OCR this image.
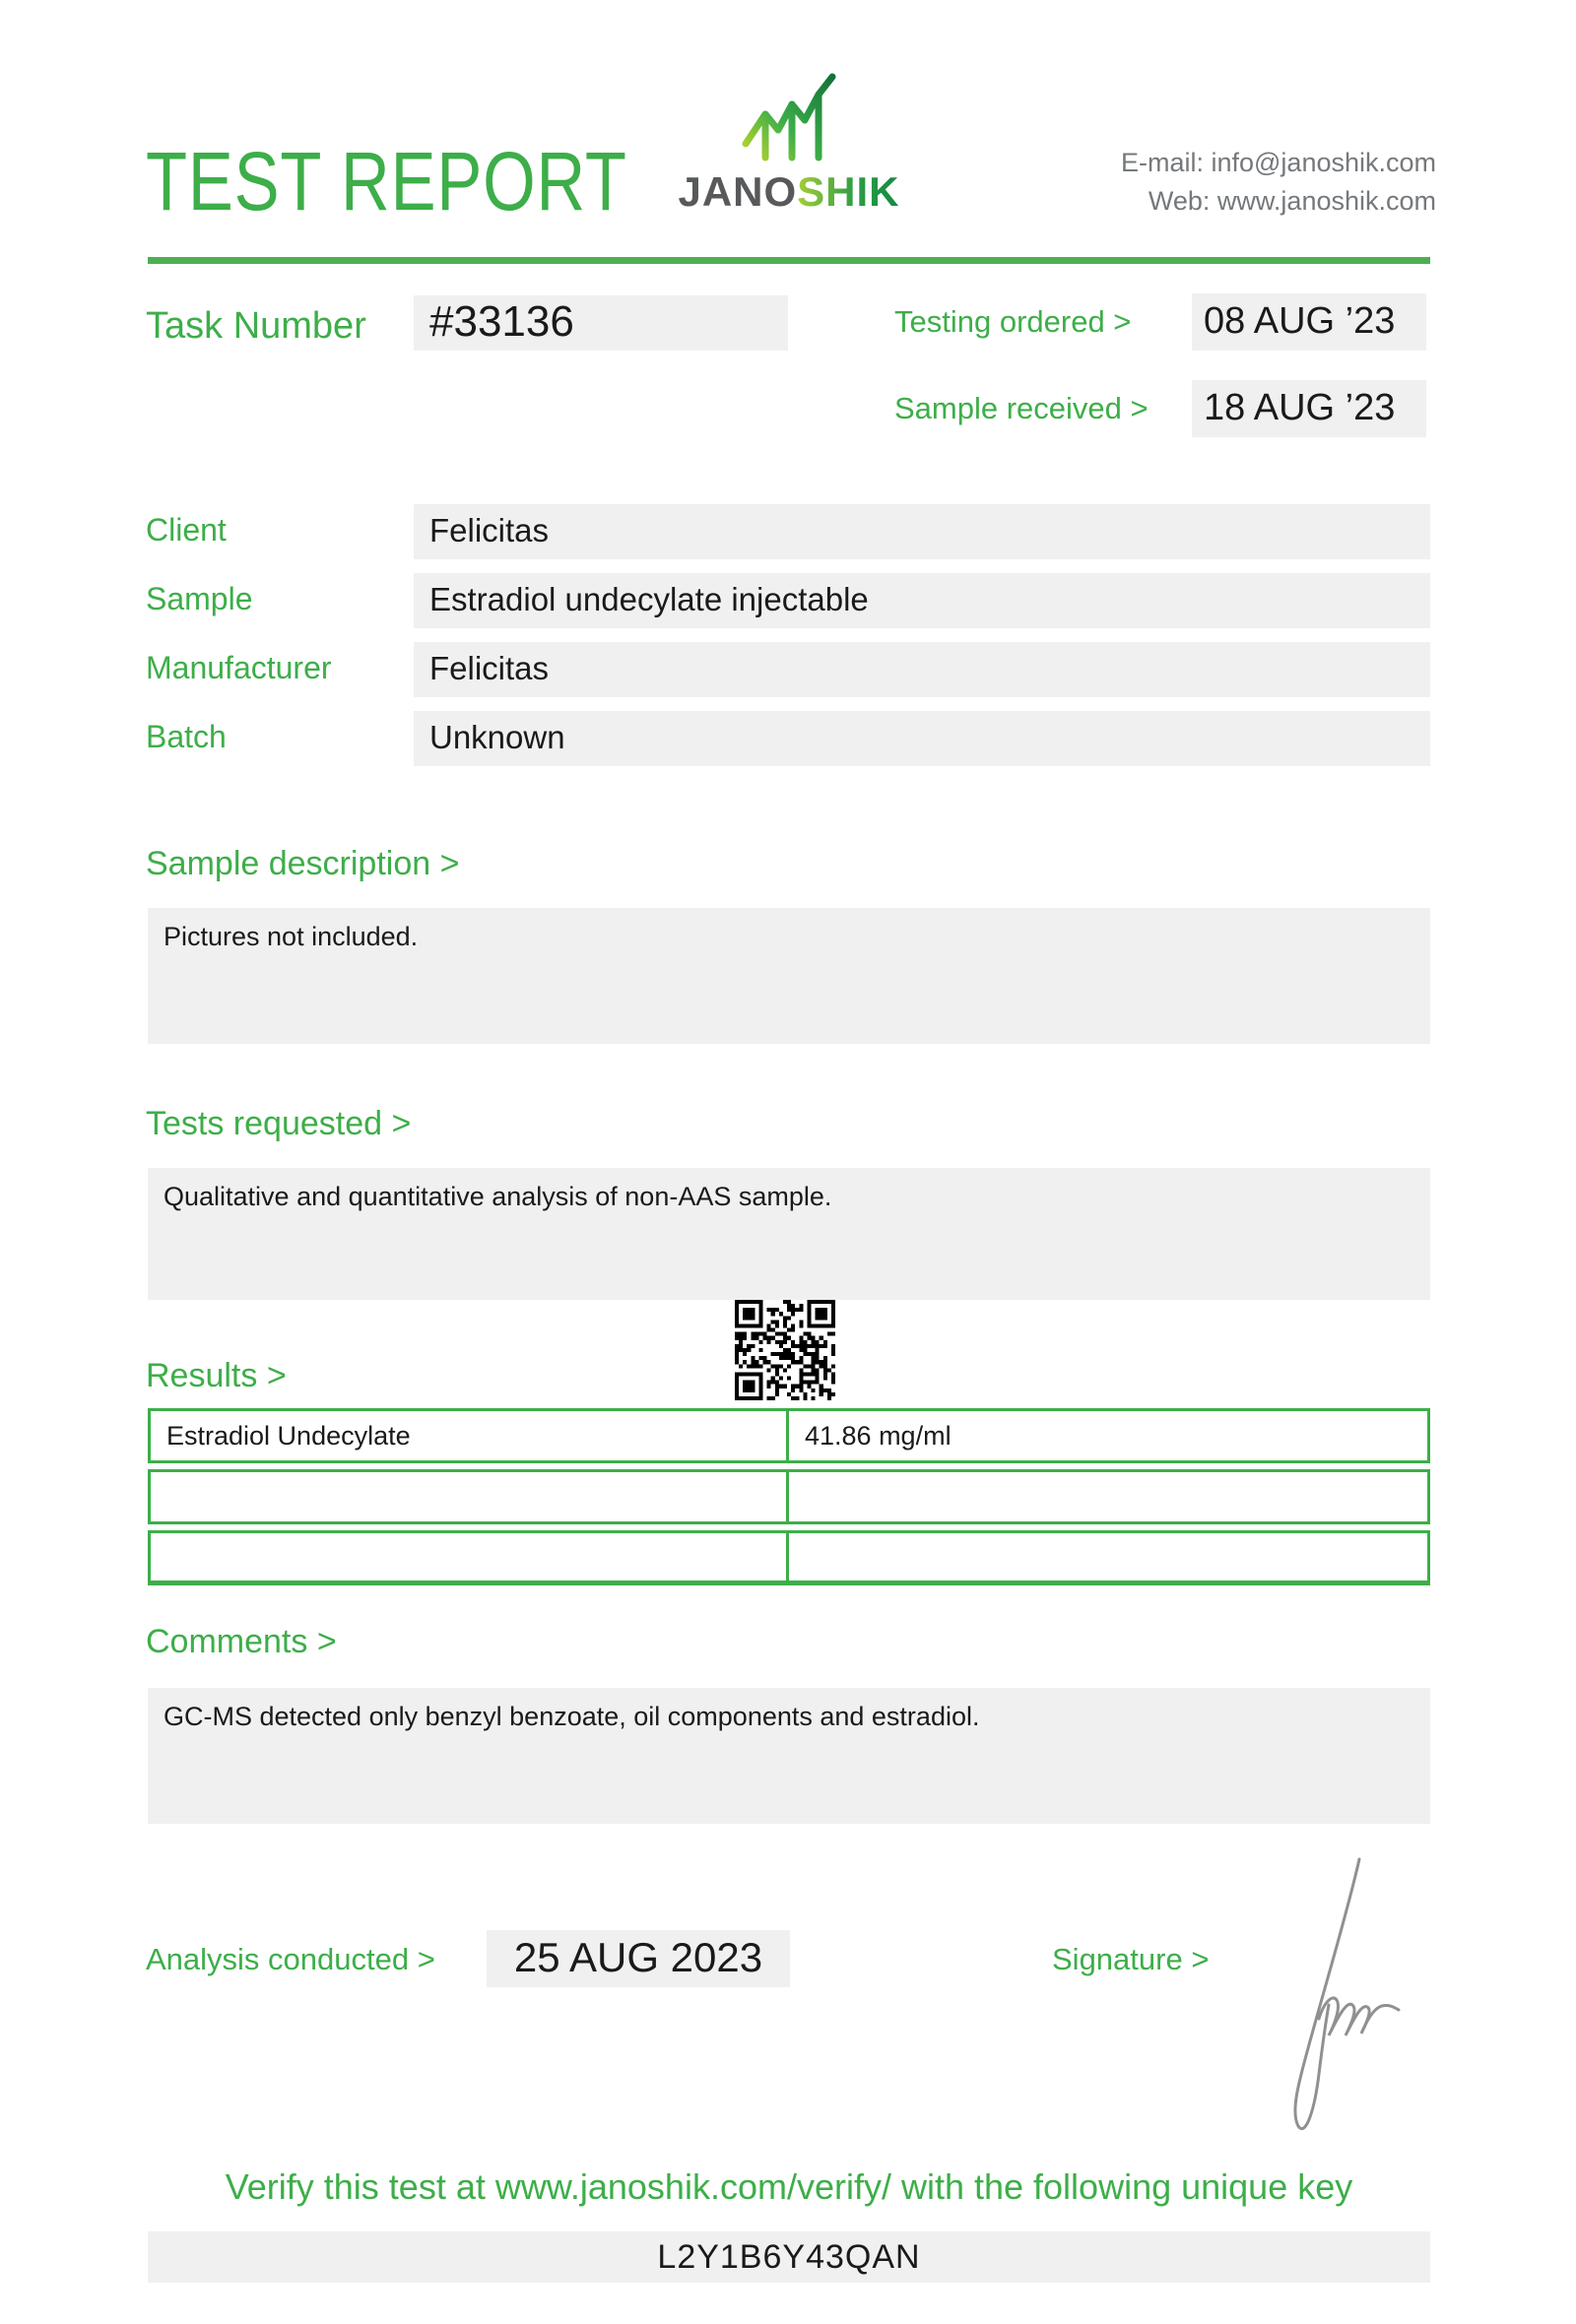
TEST REPORT JANOSHIK
E-mail: info@janoshik.com
Web: www.janoshik.com
Task Number	#33136	Testing ordered >	08 AUG ’23
Sample received >	18 AUG ’23
Client	Felicitas
Sample	Estradiol undecylate injectable
Manufacturer	Felicitas
Batch	Unknown
Sample description >
Pictures not included.
Tests requested >
Qualitative and quantitative analysis of non-AAS sample.
Results >
Estradiol Undecylate	41.86 mg/ml
Comments >
GC-MS detected only benzyl benzoate, oil components and estradiol.
Analysis conducted >	25 AUG 2023	Signature >
Verify this test at www.janoshik.com/verify/ with the following unique key
L2Y1B6Y43QAN
